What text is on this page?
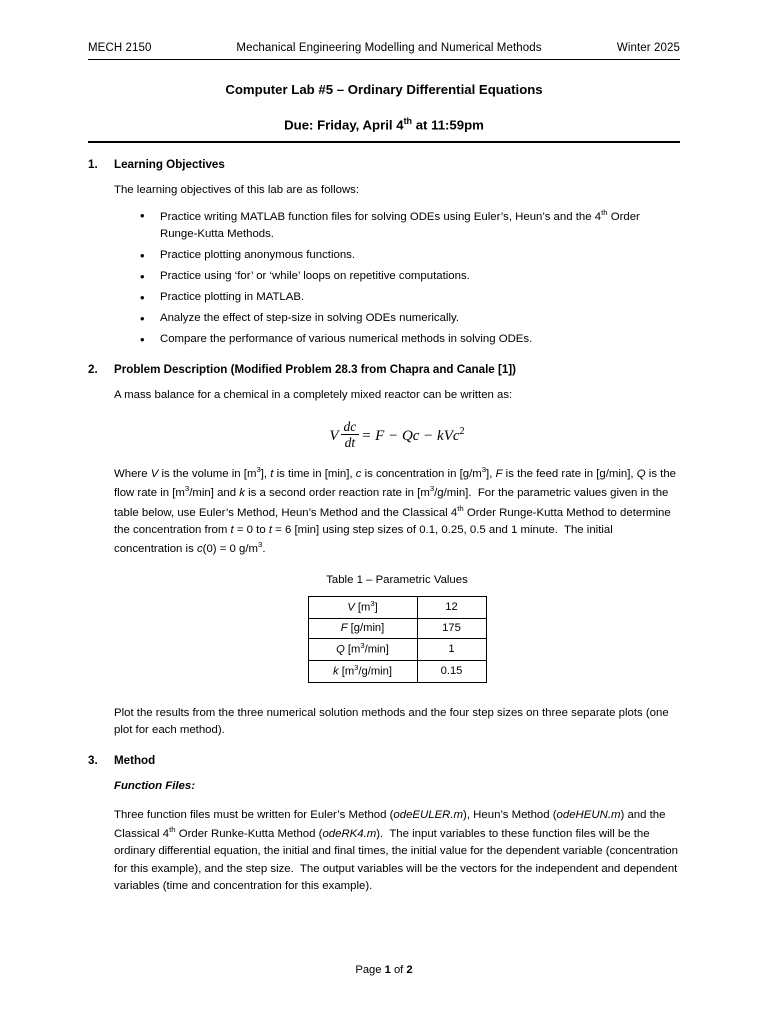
MECH 2150	Mechanical Engineering Modelling and Numerical Methods	Winter 2025
Computer Lab #5 – Ordinary Differential Equations
Due: Friday, April 4th at 11:59pm
1.	Learning Objectives
The learning objectives of this lab are as follows:
• Practice writing MATLAB function files for solving ODEs using Euler’s, Heun’s and the 4th Order Runge-Kutta Methods.
• Practice plotting anonymous functions.
• Practice using ‘for’ or ‘while’ loops on repetitive computations.
• Practice plotting in MATLAB.
• Analyze the effect of step-size in solving ODEs numerically.
• Compare the performance of various numerical methods in solving ODEs.
2.	Problem Description (Modified Problem 28.3 from Chapra and Canale [1])
A mass balance for a chemical in a completely mixed reactor can be written as:
V $\frac{dc}{dt} = F - Qc - kVc^2$
Where V is the volume in $[m^3]$, t is time in [min], c is concentration in $[g/m^3]$, F is the feed rate in [g/min], Q is the flow rate in $[m^3/\min]$ and k is a second order reaction rate in $[m^3/g/\min]$.  For the parametric values given in the table below, use Euler’s Method, Heun’s Method and the Classical 4th Order Runge-Kutta Method to determine the concentration from t = 0 to t = 6 [min] using step sizes of 0.1, 0.25, 0.5 and 1 minute.  The initial concentration is c(0) = 0 $g/m^3$.
Table 1 – Parametric Values
V $[m^3]$	12
F [g/min]	175
Q $[m^3/\min]$	1
k $[m^3/g/\min]$	0.15
Plot the results from the three numerical solution methods and the four step sizes on three separate plots (one plot for each method).
3.	Method
Function Files:
Three function files must be written for Euler’s Method (odeEULER.m), Heun’s Method (odeHEUN.m) and the Classical 4th Order Runke-Kutta Method (odeRK4.m).  The input variables to these function files will be the ordinary differential equation, the initial and final times, the initial value for the dependent variable (concentration for this example), and the step size.  The output variables will be the vectors for the independent and dependent variables (time and concentration for this example).
Page 1 of 2
